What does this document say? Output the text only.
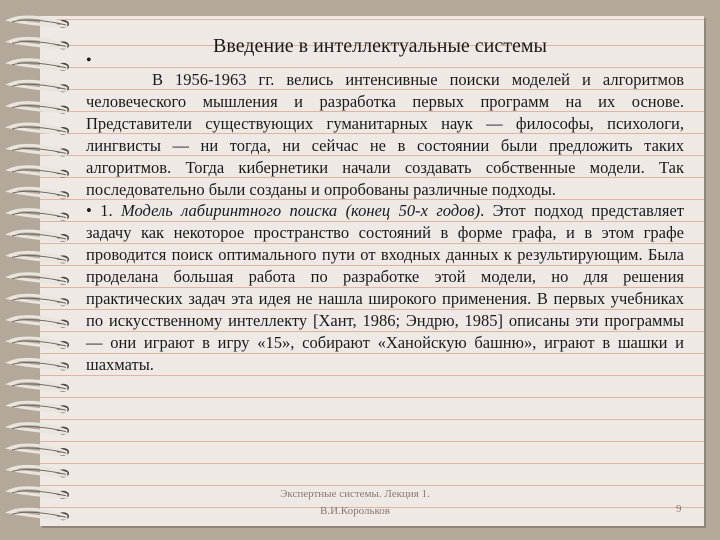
Введение в интеллектуальные системы
•

В 1956-1963 гг. велись интенсивные поиски моделей и алгоритмов человеческого мышления и разработка первых программ на их основе. Представители существующих гуманитарных наук — философы, психологи, лингвисты — ни тогда, ни сейчас не в состоянии были предложить таких алгоритмов. Тогда кибернетики начали создавать собственные модели. Так последовательно были созданы и опробованы различные подходы.

• 1. Модель лабиринтного поиска (конец 50-х годов). Этот подход представляет задачу как некоторое пространство состояний в форме графа, и в этом графе проводится поиск оптимального пути от входных данных к результирующим. Была проделана большая работа по разработке этой модели, но для решения практических задач эта идея не нашла широкого применения. В первых учебниках по искусственному интеллекту [Хант, 1986; Эндрю, 1985] описаны эти программы — они играют в игру «15», собирают «Ханойскую башню», играют в шашки и шахматы.

Экспертные системы. Лекция 1.
В.И.Корольков	9
